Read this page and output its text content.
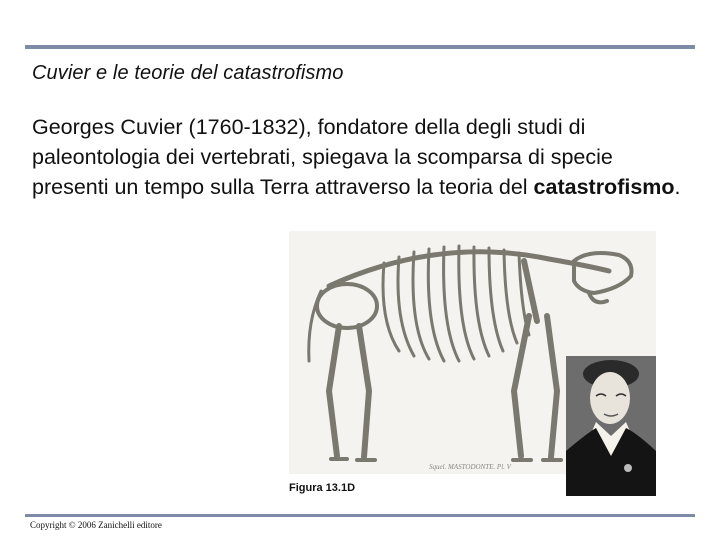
Cuvier e le teorie del catastrofismo
Georges Cuvier (1760-1832), fondatore della degli studi di paleontologia dei vertebrati, spiegava la scomparsa di specie presenti un tempo sulla Terra attraverso la teoria del catastrofismo.
Squel. MASTODONTE. Pl. V
Figura 13.1D
Copyright © 2006 Zanichelli editore
